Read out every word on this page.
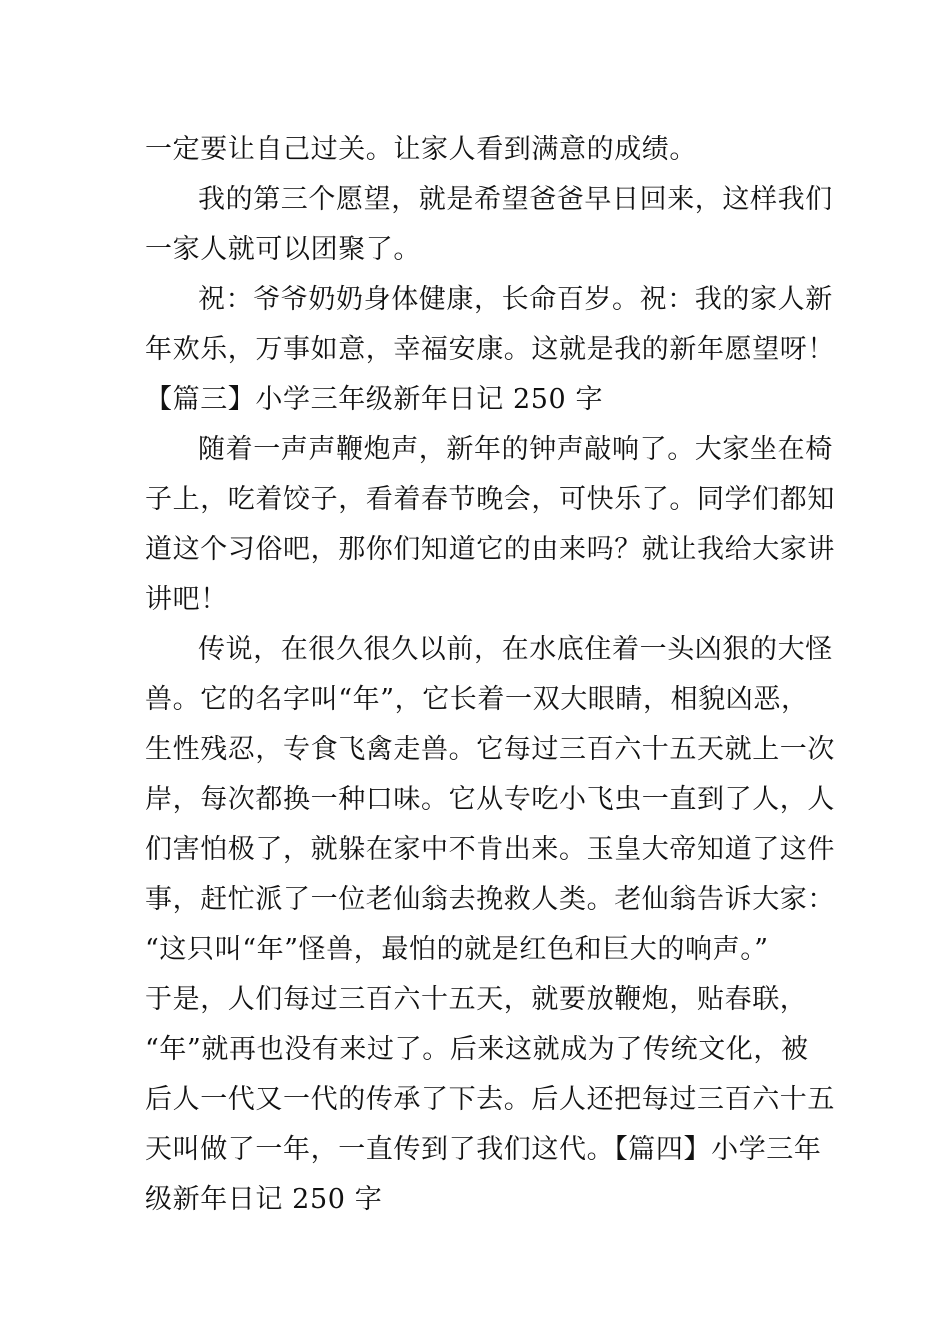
一定要让自己过关。让家人看到满意的成绩。
我的第三个愿望，就是希望爸爸早日回来，这样我们
一家人就可以团聚了。
祝：爷爷奶奶身体健康，长命百岁。祝：我的家人新
年欢乐，万事如意，幸福安康。这就是我的新年愿望呀！
【篇三】小学三年级新年日记 250 字
随着一声声鞭炮声，新年的钟声敲响了。大家坐在椅
子上，吃着饺子，看着春节晚会，可快乐了。同学们都知
道这个习俗吧，那你们知道它的由来吗？就让我给大家讲
讲吧！
传说，在很久很久以前，在水底住着一头凶狠的大怪
兽。它的名字叫“年”，它长着一双大眼睛，相貌凶恶，
生性残忍，专食飞禽走兽。它每过三百六十五天就上一次
岸，每次都换一种口味。它从专吃小飞虫一直到了人，人
们害怕极了，就躲在家中不肯出来。玉皇大帝知道了这件
事，赶忙派了一位老仙翁去挽救人类。老仙翁告诉大家：
“这只叫“年”怪兽，最怕的就是红色和巨大的响声。”
于是，人们每过三百六十五天，就要放鞭炮，贴春联，
“年”就再也没有来过了。后来这就成为了传统文化，被
后人一代又一代的传承了下去。后人还把每过三百六十五
天叫做了一年，一直传到了我们这代。【篇四】小学三年
级新年日记 250 字
